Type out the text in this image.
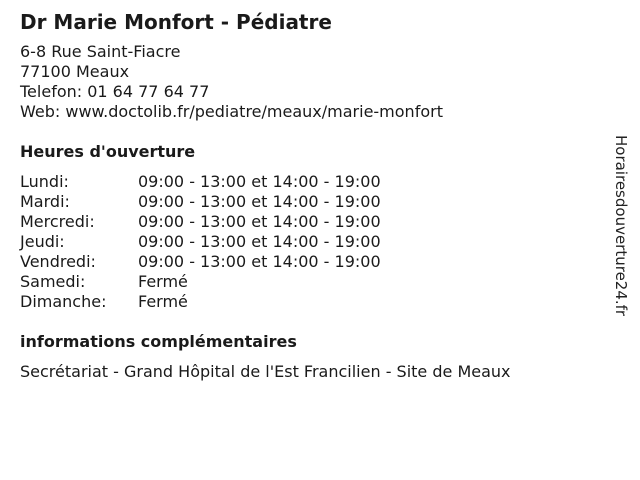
Dr Marie Monfort - Pédiatre
6-8 Rue Saint-Fiacre
77100 Meaux
Telefon: 01 64 77 64 77
Web: www.doctolib.fr/pediatre/meaux/marie-monfort
Heures d'ouverture
Lundi:	09:00 - 13:00 et 14:00 - 19:00
Mardi:	09:00 - 13:00 et 14:00 - 19:00
Mercredi:	09:00 - 13:00 et 14:00 - 19:00
Jeudi:	09:00 - 13:00 et 14:00 - 19:00
Vendredi:	09:00 - 13:00 et 14:00 - 19:00
Samedi:	Fermé
Dimanche:	Fermé
informations complémentaires
Secrétariat - Grand Hôpital de l'Est Francilien - Site de Meaux
Horairesdouverture24.fr
